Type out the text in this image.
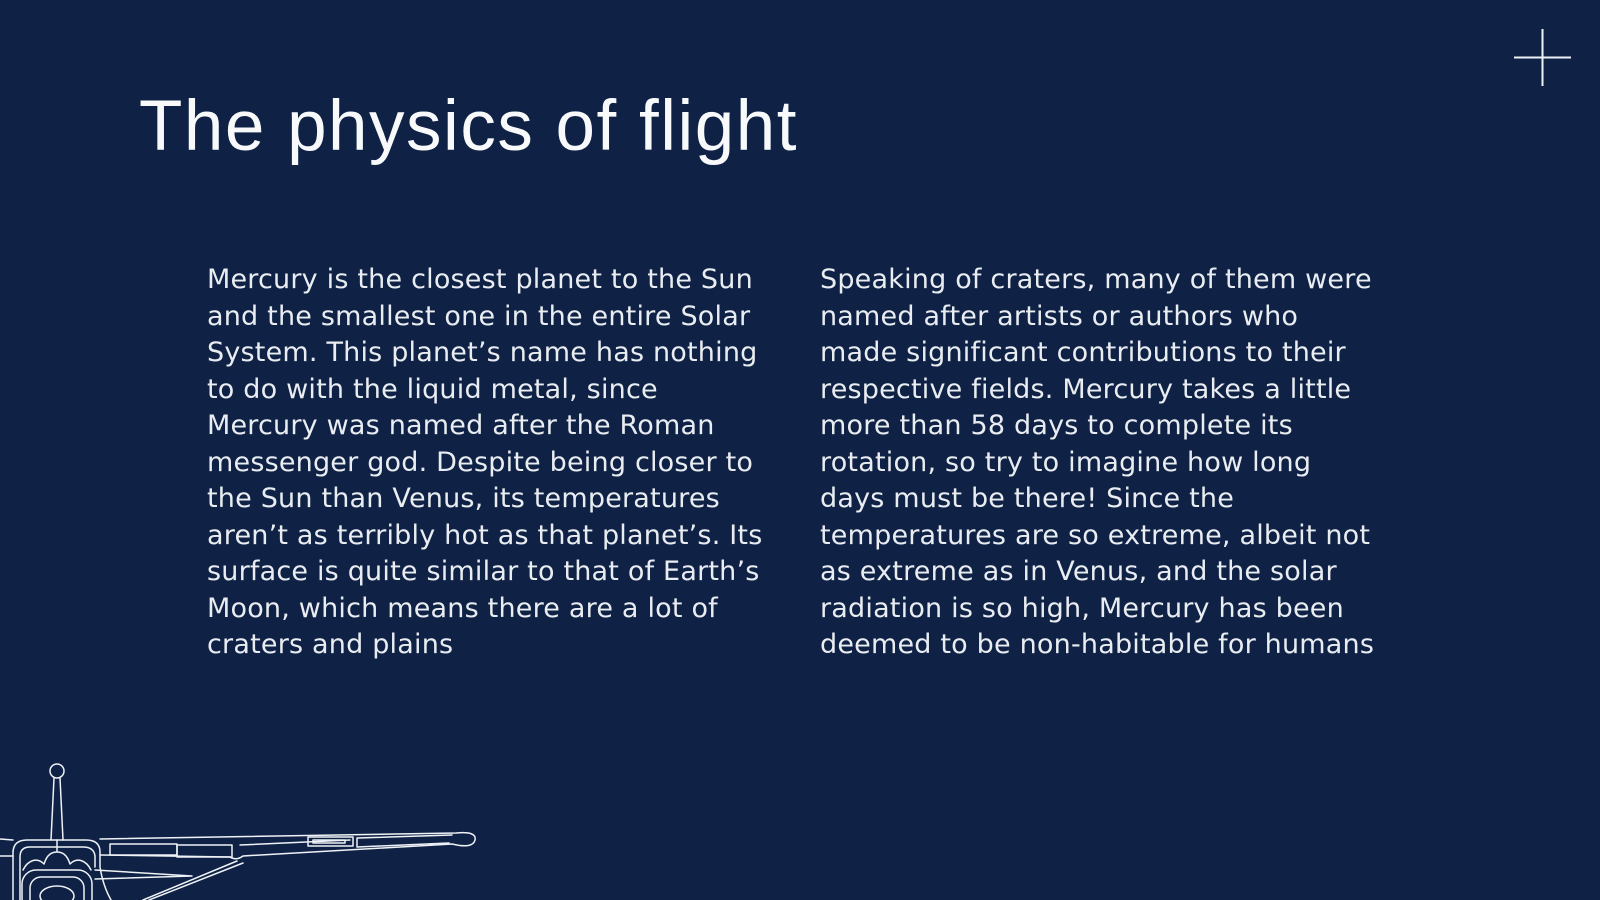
The physics of flight
Mercury is the closest planet to the Sun and the smallest one in the entire Solar System. This planet’s name has nothing to do with the liquid metal, since Mercury was named after the Roman messenger god. Despite being closer to the Sun than Venus, its temperatures aren’t as terribly hot as that planet’s. Its surface is quite similar to that of Earth’s Moon, which means there are a lot of craters and plains
Speaking of craters, many of them were named after artists or authors who made significant contributions to their respective fields. Mercury takes a little more than 58 days to complete its rotation, so try to imagine how long days must be there! Since the temperatures are so extreme, albeit not as extreme as in Venus, and the solar radiation is so high, Mercury has been deemed to be non-habitable for humans
